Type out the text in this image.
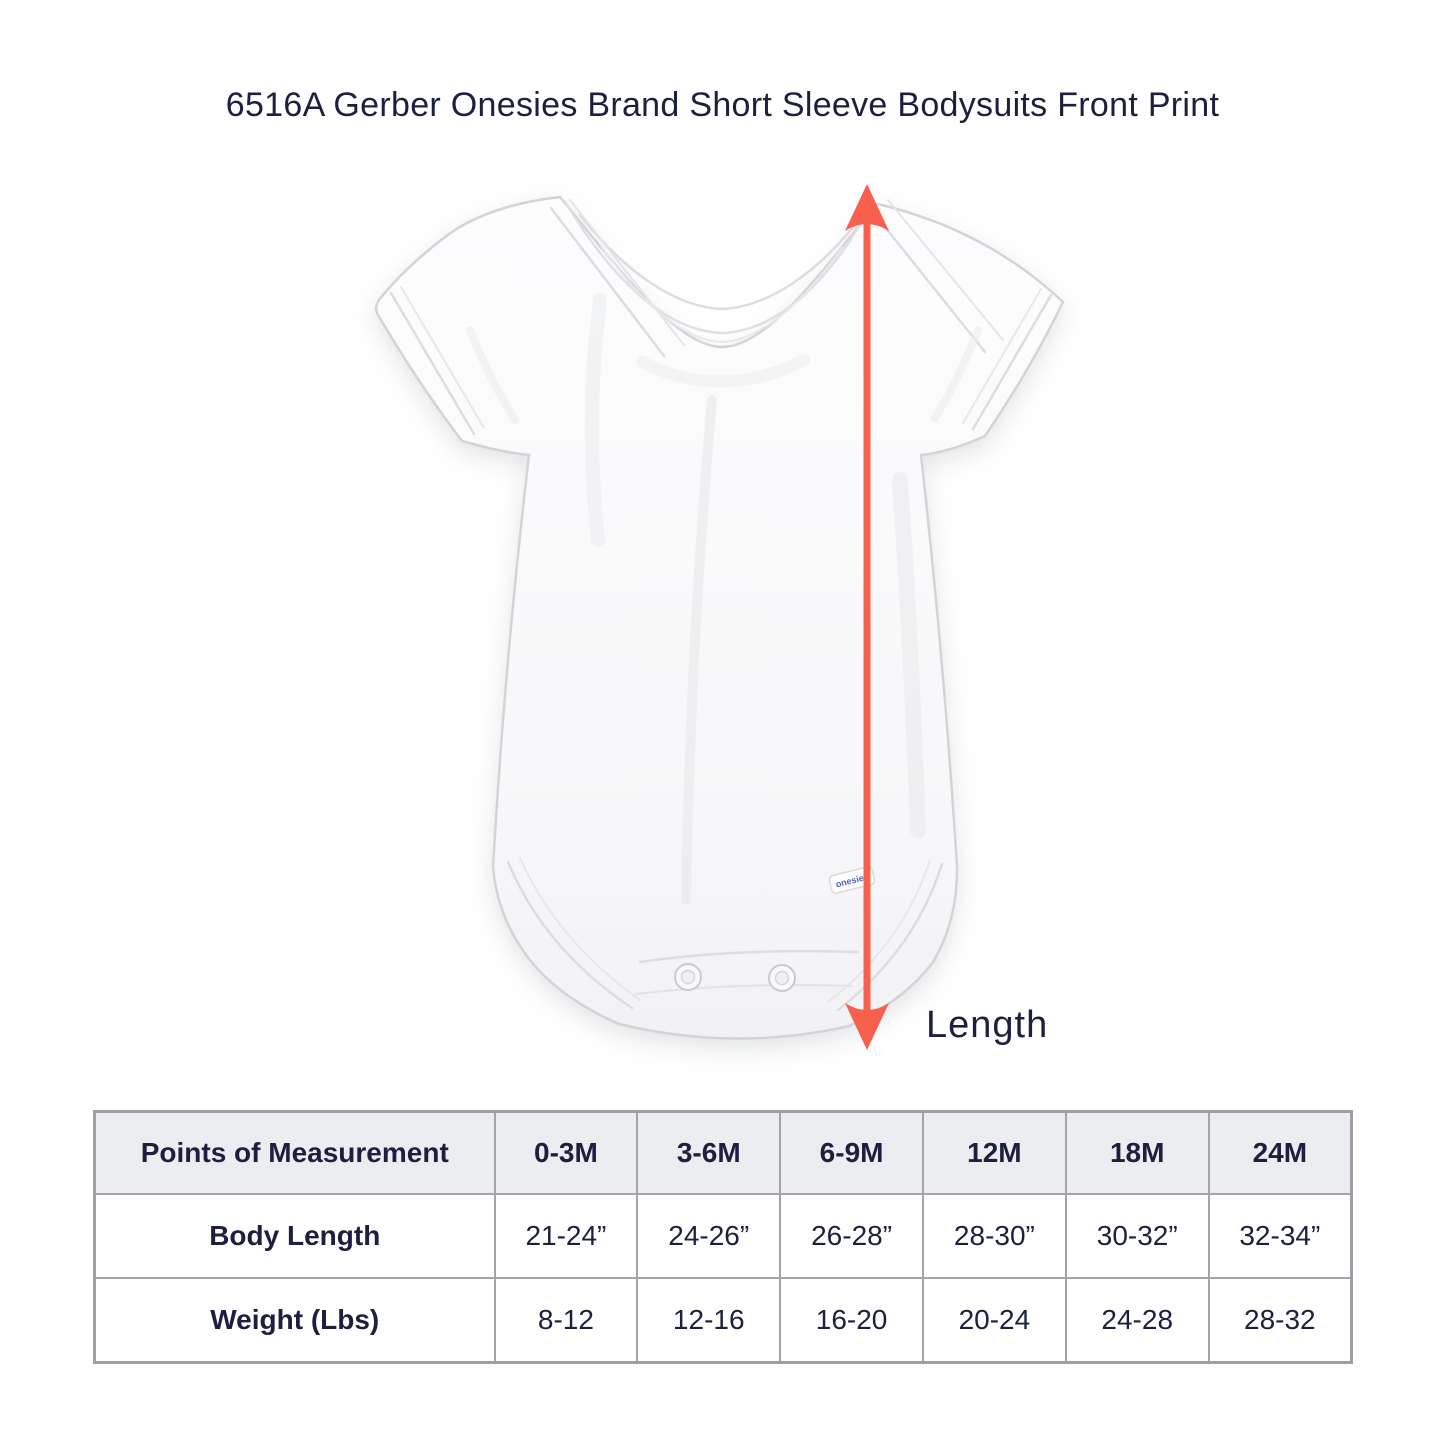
6516A Gerber Onesies Brand Short Sleeve Bodysuits Front Print
onesies
Length
Points of Measurement	0-3M	3-6M	6-9M	12M	18M	24M
Body Length	21-24”	24-26”	26-28”	28-30”	30-32”	32-34”
Weight (Lbs)	8-12	12-16	16-20	20-24	24-28	28-32
